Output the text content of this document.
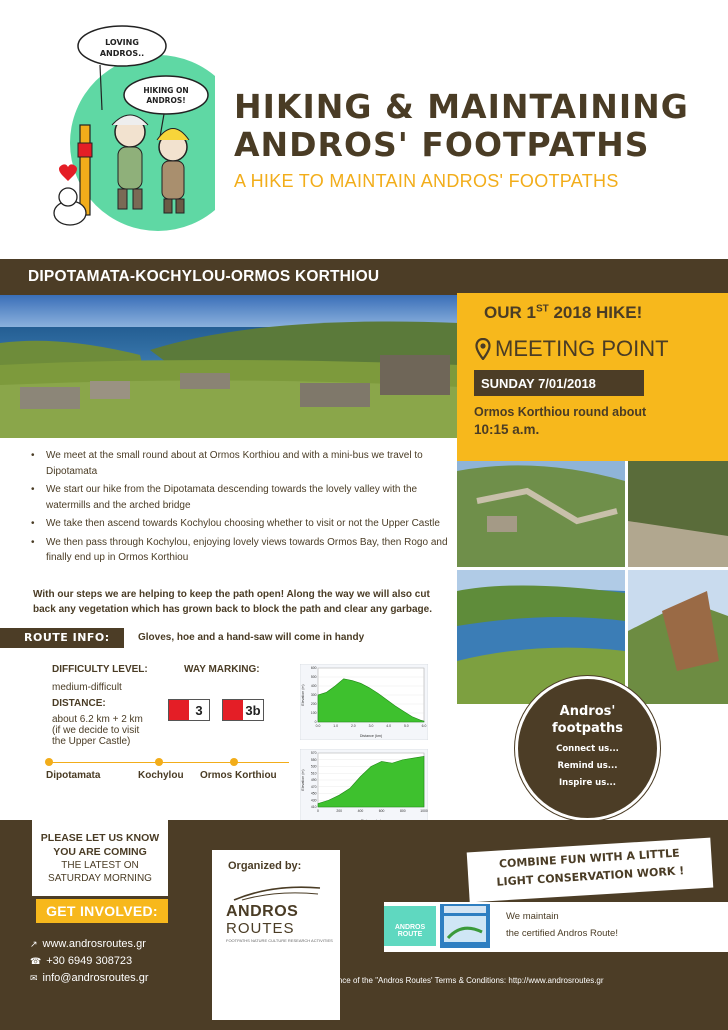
LOVING ANDROS..
HIKING ON ANDROS! HIKING & MAINTAINING
ANDROS' FOOTPATHS
A HIKE TO MAINTAIN ANDROS' FOOTPATHS
DIPOTAMATA-KOCHYLOU-ORMOS KORTHIOU
OUR 1ST 2018 HIKE!
MEETING POINT
SUNDAY 7/01/2018
Ormos Korthiou round about
10:15 a.m.
Andros'
footpaths
Connect us...
Remind us...
Inspire us...
• We meet at the small round about at Ormos Korthiou and with a mini-bus we travel to Dipotamata
• We start our hike from the Dipotamata descending towards the lovely valley with the watermills and the arched bridge
• We take then ascend towards Kochylou choosing whether to visit or not the Upper Castle
• We then pass through Kochylou, enjoying lovely views towards Ormos Bay, then Rogo and finally end up in Ormos Korthiou
With our steps we are helping to keep the path open! Along the way we will also cut back any vegetation which has grown back to block the path and clear any garbage.
ROUTE INFO:	Gloves, hoe and a hand-saw will come in handy
DIFFICULTY LEVEL:
medium-difficult
DISTANCE:
about 6.2 km + 2 km
(if we decide to visit
the Upper Castle)
WAY MARKING:
3	3b
Dipotamata	Kochylou Ormos Korthiou
600
500
400
300
200
100
0
0.0	1.0	2.0	3.0	4.0	5.0	6.0
Distance (km)
Elevation (m)
570
550
530
510
490
470
450
430
410
0	200	400	600	800	1000
Elevation (m)
PLEASE LET US KNOW
YOU ARE COMING
THE LATEST ON
SATURDAY MORNING
GET INVOLVED:
↗ www.androsroutes.gr
☎ +30 6949 308723
✉ info@androsroutes.gr
Organized by:
ANDROS
ROUTES
FOOTPATHS NATURE CULTURE RESEARCH ACTIVITIES
COMBINE FUN WITH A LITTLE
LIGHT CONSERVATION WORK !
ANDROS ROUTE
We maintain
the certified Andros Route!
Taking part in hikes implies acceptance of the "Andros Routes' Terms & Conditions: http://www.androsroutes.gr
